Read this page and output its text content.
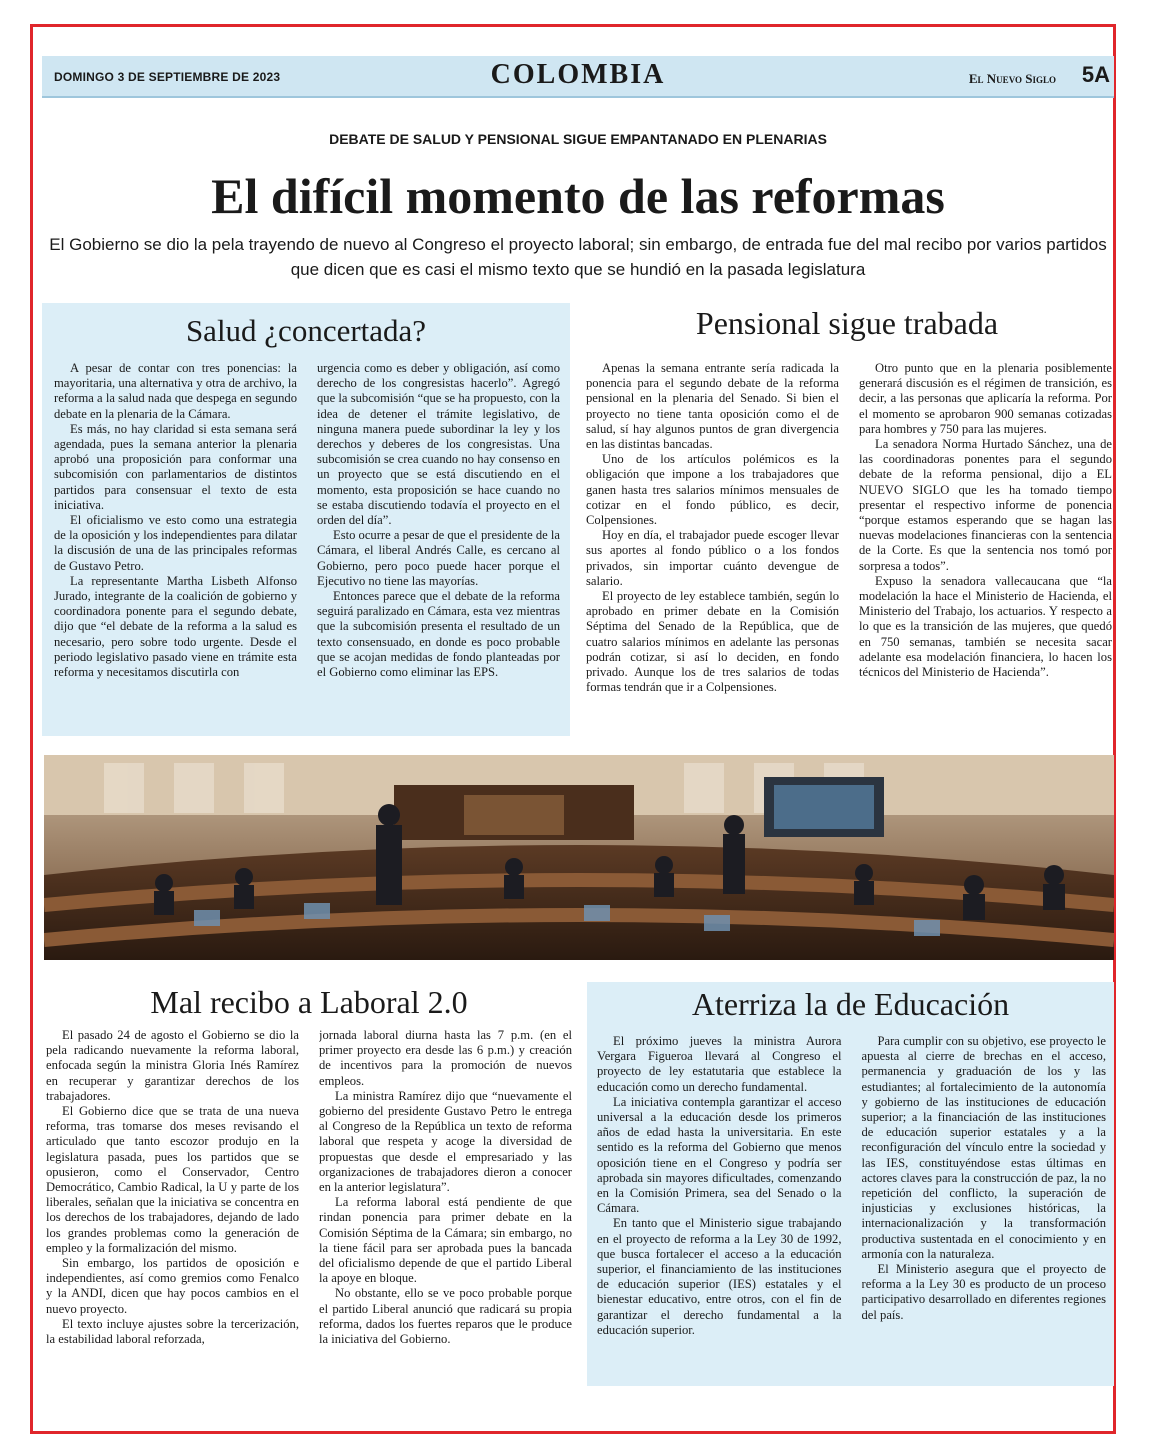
DOMINGO 3 DE SEPTIEMBRE DE 2023	COLOMBIA	El Nuevo Siglo 5A
DEBATE DE SALUD Y PENSIONAL SIGUE EMPANTANADO EN PLENARIAS
El difícil momento de las reformas
El Gobierno se dio la pela trayendo de nuevo al Congreso el proyecto laboral; sin embargo, de entrada fue del mal recibo por varios partidos que dicen que es casi el mismo texto que se hundió en la pasada legislatura
Salud ¿concertada?

A pesar de contar con tres ponencias: la mayoritaria, una alternativa y otra de archivo, la reforma a la salud nada que despega en segundo debate en la plenaria de la Cámara.

Es más, no hay claridad si esta semana será agendada, pues la semana anterior la plenaria aprobó una proposición para conformar una subcomisión con parlamentarios de distintos partidos para consensuar el texto de esta iniciativa.

El oficialismo ve esto como una estrategia de la oposición y los independientes para dilatar la discusión de una de las principales reformas de Gustavo Petro.

La representante Martha Lisbeth Alfonso Jurado, integrante de la coalición de gobierno y coordinadora ponente para el segundo debate, dijo que “el debate de la reforma a la salud es necesario, pero sobre todo urgente. Desde el periodo legislativo pasado viene en trámite esta reforma y necesitamos discutirla con

urgencia como es deber y obligación, así como derecho de los congresistas hacerlo”. Agregó que la subcomisión “que se ha propuesto, con la idea de detener el trámite legislativo, de ninguna manera puede subordinar la ley y los derechos y deberes de los congresistas. Una subcomisión se crea cuando no hay consenso en un proyecto que se está discutiendo en el momento, esta proposición se hace cuando no se estaba discutiendo todavía el proyecto en el orden del día”.

Esto ocurre a pesar de que el presidente de la Cámara, el liberal Andrés Calle, es cercano al Gobierno, pero poco puede hacer porque el Ejecutivo no tiene las mayorías.

Entonces parece que el debate de la reforma seguirá paralizado en Cámara, esta vez mientras que la subcomisión presenta el resultado de un texto consensuado, en donde es poco probable que se acojan medidas de fondo planteadas por el Gobierno como eliminar las EPS.

Pensional sigue trabada

Apenas la semana entrante sería radicada la ponencia para el segundo debate de la reforma pensional en la plenaria del Senado. Si bien el proyecto no tiene tanta oposición como el de salud, sí hay algunos puntos de gran divergencia en las distintas bancadas.

Uno de los artículos polémicos es la obligación que impone a los trabajadores que ganen hasta tres salarios mínimos mensuales de cotizar en el fondo público, es decir, Colpensiones.

Hoy en día, el trabajador puede escoger llevar sus aportes al fondo público o a los fondos privados, sin importar cuánto devengue de salario.

El proyecto de ley establece también, según lo aprobado en primer debate en la Comisión Séptima del Senado de la República, que de cuatro salarios mínimos en adelante las personas podrán cotizar, si así lo deciden, en fondo privado. Aunque los de tres salarios de todas formas tendrán que ir a Colpensiones.

Otro punto que en la plenaria posiblemente generará discusión es el régimen de transición, es decir, a las personas que aplicaría la reforma. Por el momento se aprobaron 900 semanas cotizadas para hombres y 750 para las mujeres.

La senadora Norma Hurtado Sánchez, una de las coordinadoras ponentes para el segundo debate de la reforma pensional, dijo a EL NUEVO SIGLO que les ha tomado tiempo presentar el respectivo informe de ponencia “porque estamos esperando que se hagan las nuevas modelaciones financieras con la sentencia de la Corte. Es que la sentencia nos tomó por sorpresa a todos”.

Expuso la senadora vallecaucana que “la modelación la hace el Ministerio de Hacienda, el Ministerio del Trabajo, los actuarios. Y respecto a lo que es la transición de las mujeres, que quedó en 750 semanas, también se necesita sacar adelante esa modelación financiera, lo hacen los técnicos del Ministerio de Hacienda”.

Mal recibo a Laboral 2.0

El pasado 24 de agosto el Gobierno se dio la pela radicando nuevamente la reforma laboral, enfocada según la ministra Gloria Inés Ramírez en recuperar y garantizar derechos de los trabajadores.

El Gobierno dice que se trata de una nueva reforma, tras tomarse dos meses revisando el articulado que tanto escozor produjo en la legislatura pasada, pues los partidos que se opusieron, como el Conservador, Centro Democrático, Cambio Radical, la U y parte de los liberales, señalan que la iniciativa se concentra en los derechos de los trabajadores, dejando de lado los grandes problemas como la generación de empleo y la formalización del mismo.

Sin embargo, los partidos de oposición e independientes, así como gremios como Fenalco y la ANDI, dicen que hay pocos cambios en el nuevo proyecto.

El texto incluye ajustes sobre la tercerización, la estabilidad laboral reforzada,

jornada laboral diurna hasta las 7 p.m. (en el primer proyecto era desde las 6 p.m.) y creación de incentivos para la promoción de nuevos empleos.

La ministra Ramírez dijo que “nuevamente el gobierno del presidente Gustavo Petro le entrega al Congreso de la República un texto de reforma laboral que respeta y acoge la diversidad de propuestas que desde el empresariado y las organizaciones de trabajadores dieron a conocer en la anterior legislatura”.

La reforma laboral está pendiente de que rindan ponencia para primer debate en la Comisión Séptima de la Cámara; sin embargo, no la tiene fácil para ser aprobada pues la bancada del oficialismo depende de que el partido Liberal la apoye en bloque.

No obstante, ello se ve poco probable porque el partido Liberal anunció que radicará su propia reforma, dados los fuertes reparos que le produce la iniciativa del Gobierno.

Aterriza la de Educación

El próximo jueves la ministra Aurora Vergara Figueroa llevará al Congreso el proyecto de ley estatutaria que establece la educación como un derecho fundamental.

La iniciativa contempla garantizar el acceso universal a la educación desde los primeros años de edad hasta la universitaria. En este sentido es la reforma del Gobierno que menos oposición tiene en el Congreso y podría ser aprobada sin mayores dificultades, comenzando en la Comisión Primera, sea del Senado o la Cámara.

En tanto que el Ministerio sigue trabajando en el proyecto de reforma a la Ley 30 de 1992, que busca fortalecer el acceso a la educación superior, el financiamiento de las instituciones de educación superior (IES) estatales y el bienestar educativo, entre otros, con el fin de garantizar el derecho fundamental a la educación superior.

Para cumplir con su objetivo, ese proyecto le apuesta al cierre de brechas en el acceso, permanencia y graduación de los y las estudiantes; al fortalecimiento de la autonomía y gobierno de las instituciones de educación superior; a la financiación de las instituciones de educación superior estatales y a la reconfiguración del vínculo entre la sociedad y las IES, constituyéndose estas últimas en actores claves para la construcción de paz, la no repetición del conflicto, la superación de injusticias y exclusiones históricas, la internacionalización y la transformación productiva sustentada en el conocimiento y en armonía con la naturaleza.

El Ministerio asegura que el proyecto de reforma a la Ley 30 es producto de un proceso participativo desarrollado en diferentes regiones del país.
